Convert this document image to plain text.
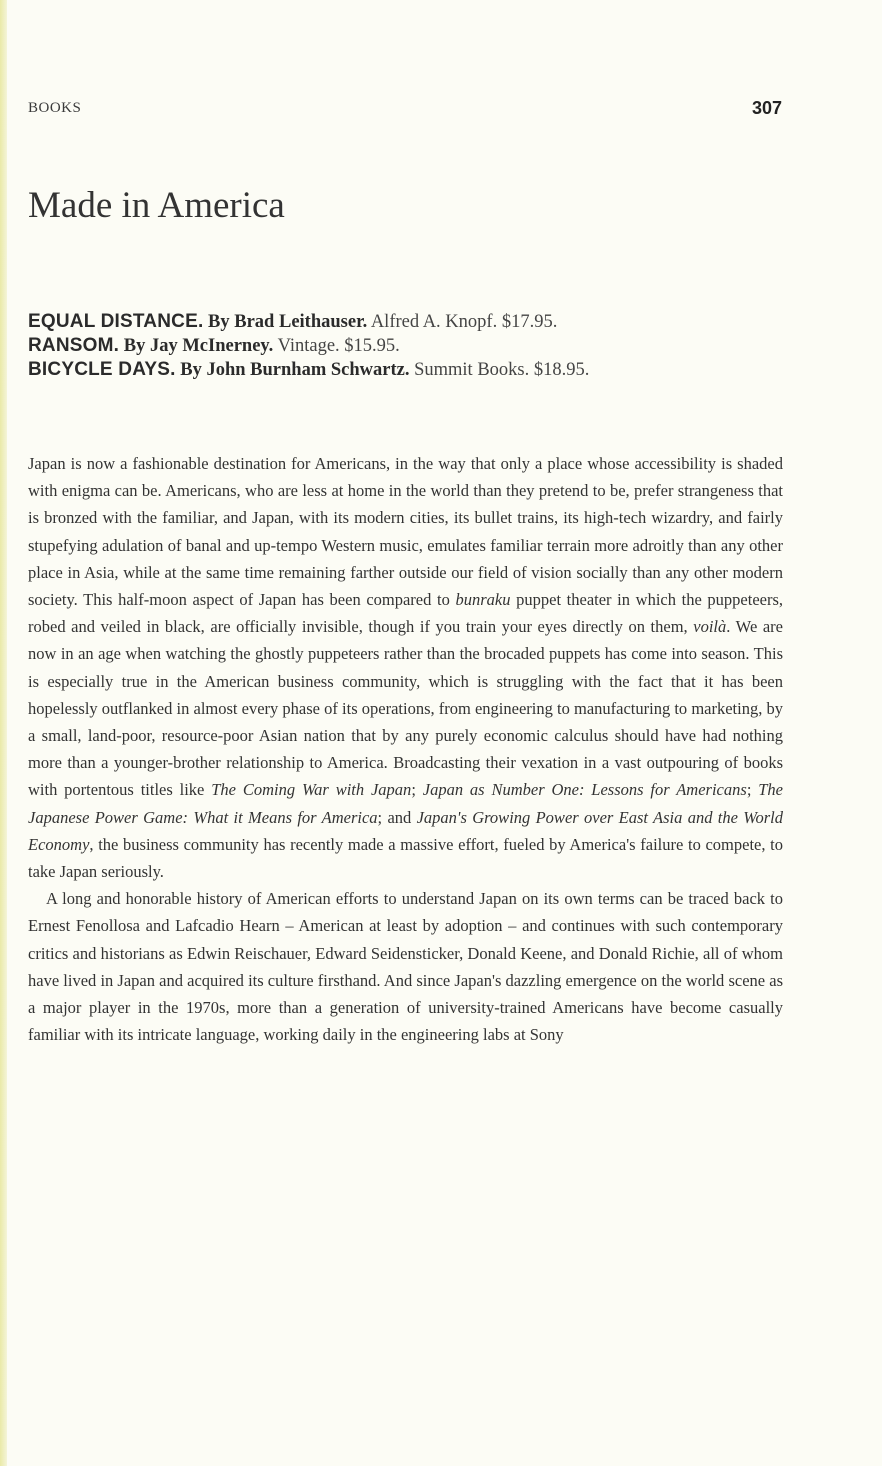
BOOKS	307
Made in America
EQUAL DISTANCE. By Brad Leithauser. Alfred A. Knopf. $17.95.
RANSOM. By Jay McInerney. Vintage. $15.95.
BICYCLE DAYS. By John Burnham Schwartz. Summit Books. $18.95.

Japan is now a fashionable destination for Americans, in the way that only a place whose accessibility is shaded with enigma can be. Americans, who are less at home in the world than they pretend to be, prefer strangeness that is bronzed with the familiar, and Japan, with its modern cities, its bullet trains, its high-tech wizardry, and fairly stupefying adulation of banal and up-tempo Western music, emulates familiar terrain more adroitly than any other place in Asia, while at the same time remaining farther outside our field of vision socially than any other modern society. This half-moon aspect of Japan has been compared to bunraku puppet theater in which the puppeteers, robed and veiled in black, are officially invisible, though if you train your eyes directly on them, voilà. We are now in an age when watching the ghostly puppeteers rather than the brocaded puppets has come into season. This is especially true in the American business community, which is struggling with the fact that it has been hopelessly outflanked in almost every phase of its operations, from engineering to manufacturing to marketing, by a small, land-poor, resource-poor Asian nation that by any purely economic calculus should have had nothing more than a younger-brother relationship to America. Broadcasting their vexation in a vast outpouring of books with portentous titles like The Coming War with Japan; Japan as Number One: Lessons for Americans; The Japanese Power Game: What it Means for America; and Japan's Growing Power over East Asia and the World Economy, the business community has recently made a massive effort, fueled by America's failure to compete, to take Japan seriously.

A long and honorable history of American efforts to understand Japan on its own terms can be traced back to Ernest Fenollosa and Lafcadio Hearn – American at least by adoption – and continues with such contemporary critics and historians as Edwin Reischauer, Edward Seidensticker, Donald Keene, and Donald Richie, all of whom have lived in Japan and acquired its culture firsthand. And since Japan's dazzling emergence on the world scene as a major player in the 1970s, more than a generation of university-trained Americans have become casually familiar with its intricate language, working daily in the engineering labs at Sony
